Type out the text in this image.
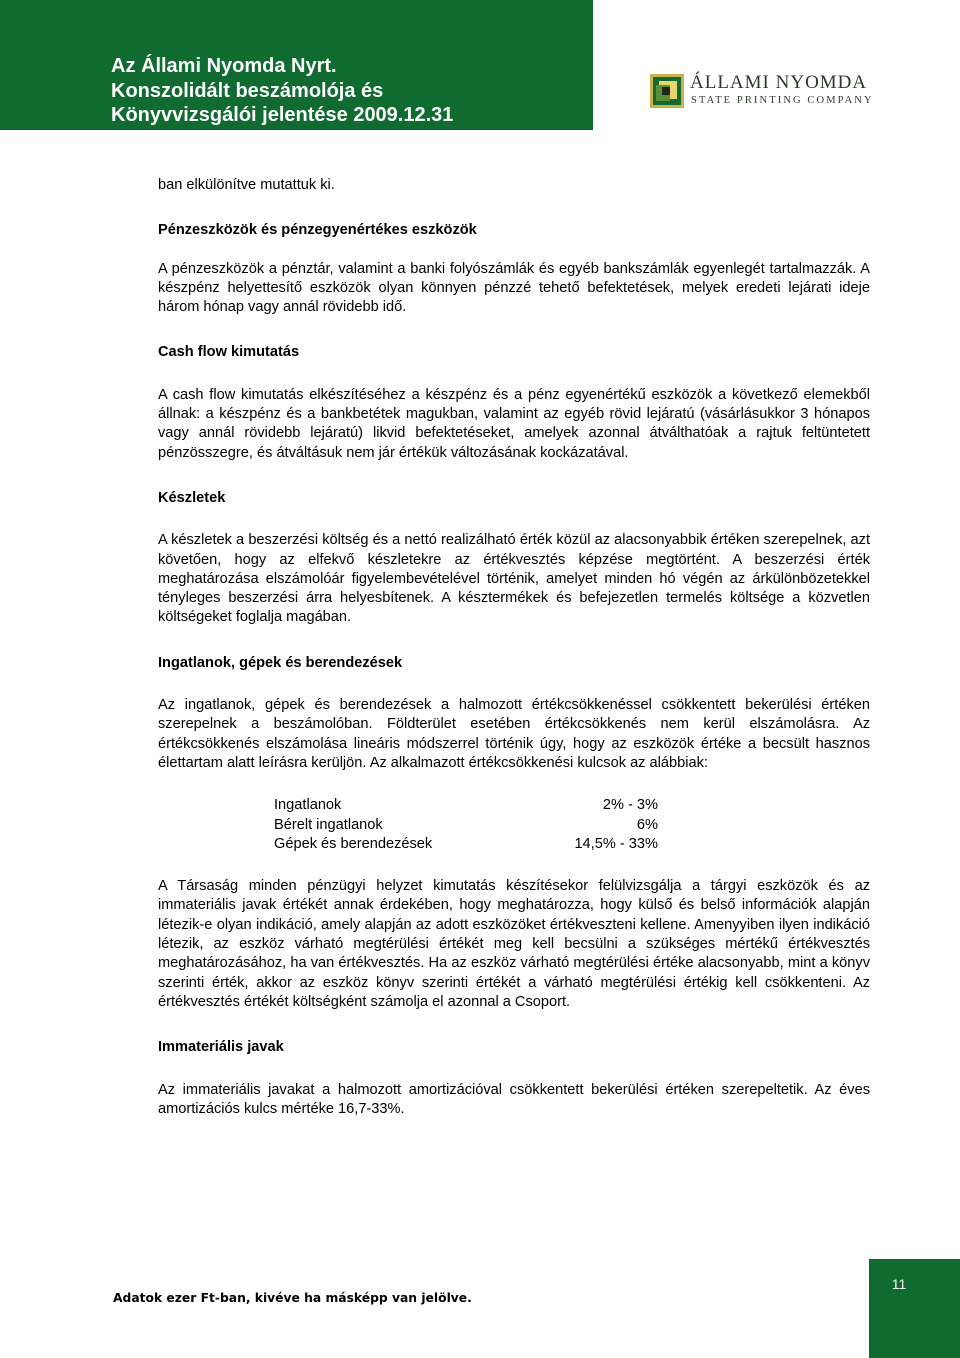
Az Állami Nyomda Nyrt.
Konszolidált beszámolója és
Könyvvizsgálói jelentése 2009.12.31
ÁLLAMI NYOMDA
STATE PRINTING COMPANY

ban elkülönítve mutattuk ki.

Pénzeszközök és pénzegyenértékes eszközök

A pénzeszközök a pénztár, valamint a banki folyószámlák és egyéb bankszámlák egyenlegét tartalmazzák. A készpénz helyettesítő eszközök olyan könnyen pénzzé tehető befektetések, melyek eredeti lejárati ideje három hónap vagy annál rövidebb idő.

Cash flow kimutatás

A cash flow kimutatás elkészítéséhez a készpénz és a pénz egyenértékű eszközök a következő elemekből állnak: a készpénz és a bankbetétek magukban, valamint az egyéb rövid lejáratú (vásárlásukkor 3 hónapos vagy annál rövidebb lejáratú) likvid befektetéseket, amelyek azonnal átválthatóak a rajtuk feltüntetett pénzösszegre, és átváltásuk nem jár értékük változásának kockázatával.

Készletek

A készletek a beszerzési költség és a nettó realizálható érték közül az alacsonyabbik értéken szerepelnek, azt követően, hogy az elfekvő készletekre az értékvesztés képzése megtörtént. A beszerzési érték meghatározása elszámolóár figyelembevételével történik, amelyet minden hó végén az árkülönbözetekkel tényleges beszerzési árra helyesbítenek. A késztermékek és befejezetlen termelés költsége a közvetlen költségeket foglalja magában.

Ingatlanok, gépek és berendezések

Az ingatlanok, gépek és berendezések a halmozott értékcsökkenéssel csökkentett bekerülési értéken szerepelnek a beszámolóban. Földterület esetében értékcsökkenés nem kerül elszámolásra. Az értékcsökkenés elszámolása lineáris módszerrel történik úgy, hogy az eszközök értéke a becsült hasznos élettartam alatt leírásra kerüljön. Az alkalmazott értékcsökkenési kulcsok az alábbiak:

Ingatlanok	2% - 3%
Bérelt ingatlanok	6%
Gépek és berendezések	14,5% - 33%

A Társaság minden pénzügyi helyzet kimutatás készítésekor felülvizsgálja a tárgyi eszközök és az immateriális javak értékét annak érdekében, hogy meghatározza, hogy külső és belső információk alapján létezik-e olyan indikáció, amely alapján az adott eszközöket értékveszteni kellene. Amenyyiben ilyen indikáció létezik, az eszköz várható megtérülési értékét meg kell becsülni a szükséges mértékű értékvesztés meghatározásához, ha van értékvesztés. Ha az eszköz várható megtérülési értéke alacsonyabb, mint a könyv szerinti érték, akkor az eszköz könyv szerinti értékét a várható megtérülési értékig kell csökkenteni. Az értékvesztés értékét költségként számolja el azonnal a Csoport.

Immateriális javak

Az immateriális javakat a halmozott amortizációval csökkentett bekerülési értéken szerepeltetik. Az éves amortizációs kulcs mértéke 16,7-33%.

Adatok ezer Ft-ban, kivéve ha másképp van jelölve.
11
